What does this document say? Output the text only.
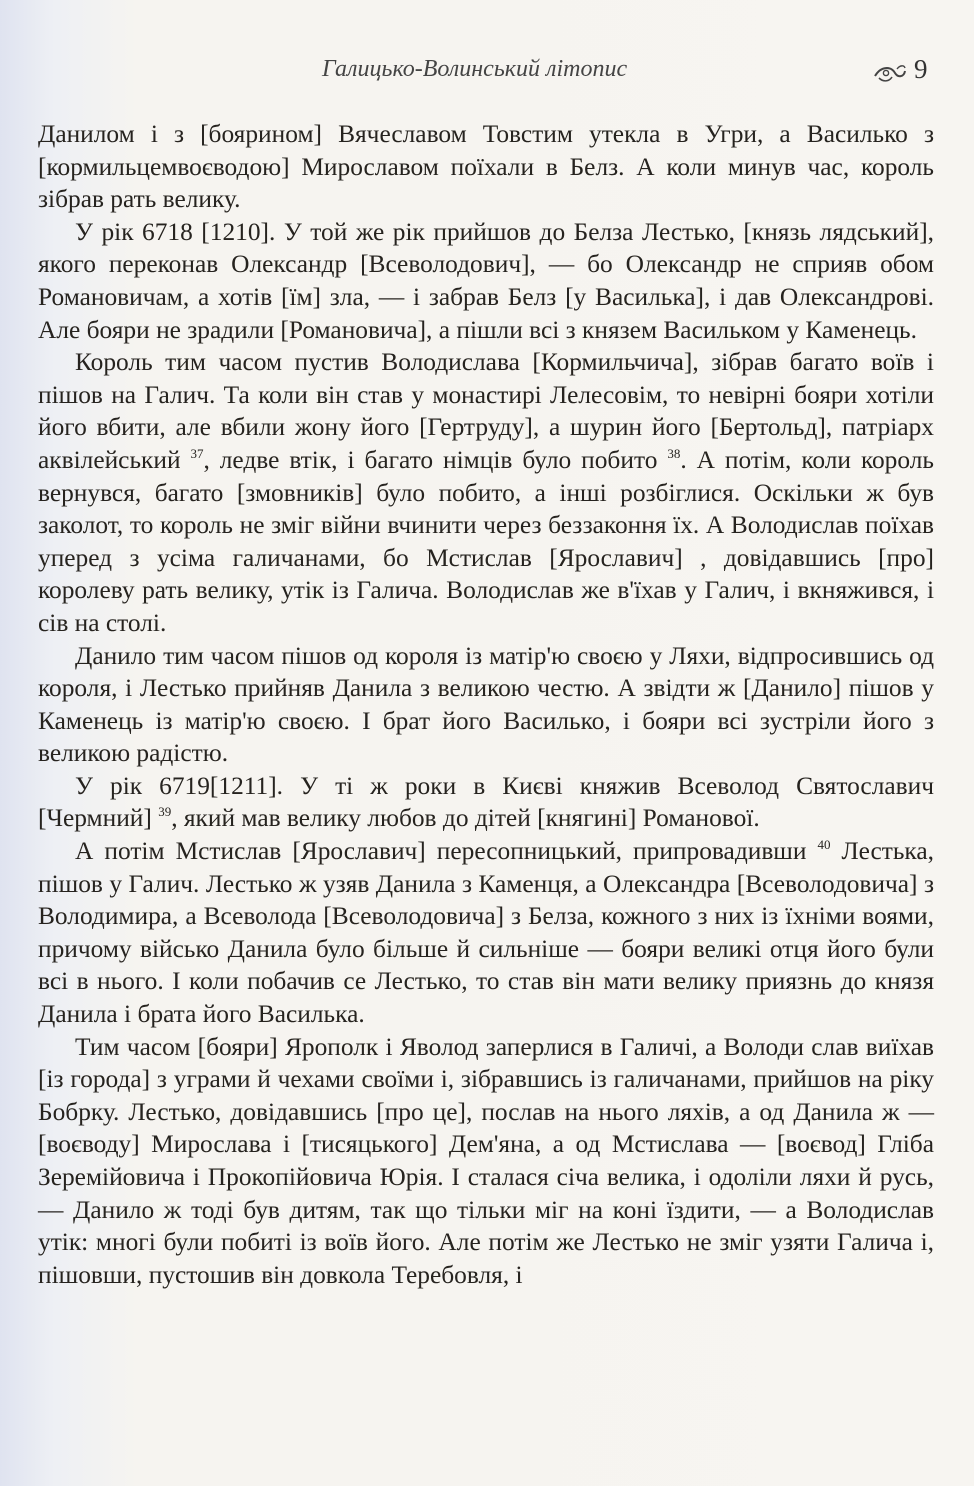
Галицько-Волинський літопис	9

Данилом і з [боярином] Вячеславом Товстим утекла в Угри, а Василько з [кормильцемвоєводою] Мирославом поїхали в Белз. А коли минув час, король зібрав рать велику.

У рік 6718 [1210]. У той же рік прийшов до Белза Лестько, [князь лядський], якого переконав Олександр [Всеволодович], — бо Олександр не сприяв обом Романовичам, а хотів [їм] зла, — і забрав Белз [у Василька], і дав Олександрові. Але бояри не зрадили [Романовича], а пішли всі з князем Васильком у Каменець.

Король тим часом пустив Володислава [Кормильчича], зібрав багато воїв і пішов на Галич. Та коли він став у монастирі Лелесовім, то невірні бояри хотіли його вбити, але вбили жону його [Гертруду], а шурин його [Бертольд], патріарх аквілейський $^{37}$, ледве втік, і багато німців було побито $^{38}$. А потім, коли король вернувся, багато [змовників] було побито, а інші розбіглися. Оскільки ж був заколот, то король не зміг війни вчинити через беззаконня їх. А Володислав поїхав уперед з усіма галичанами, бо Мстислав [Ярославич] , довідавшись [про] королеву рать велику, утік із Галича. Володислав же в'їхав у Галич, і вкняжився, і сів на столі.

Данило тим часом пішов од короля із матір'ю своєю у Ляхи, відпросившись од короля, і Лестько прийняв Данила з великою честю. А звідти ж [Данило] пішов у Каменець із матір'ю своєю. І брат його Василько, і бояри всі зустріли його з великою радістю.

У рік 6719[1211]. У ті ж роки в Києві княжив Всеволод Святославич [Чермний] $^{39}$, який мав велику любов до дітей [княгині] Романової.

А потім Мстислав [Ярославич] пересопницький, припровадивши $^{40}$ Лестька, пішов у Галич. Лестько ж узяв Данила з Каменця, а Олександра [Всеволодовича] з Володимира, а Всеволода [Всеволодовича] з Белза, кожного з них із їхніми воями, причому військо Данила було більше й сильніше — бояри великі отця його були всі в нього. І коли побачив се Лестько, то став він мати велику приязнь до князя Данила і брата його Василька.

Тим часом [бояри] Ярополк і Яволод заперлися в Галичі, а Володи слав виїхав [із города] з уграми й чехами своїми і, зібравшись із галичанами, прийшов на ріку Бобрку. Лестько, довідавшись [про це], послав на нього ляхів, а од Данила ж — [воєводу] Мирослава і [тисяцького] Дем'яна, а од Мстислава — [воєвод] Гліба Зеремійовича і Прокопійовича Юрія. І сталася січа велика, і одоліли ляхи й русь, — Данило ж тоді був дитям, так що тільки міг на коні їздити, — а Володислав утік: многі були побиті із воїв його. Але потім же Лестько не зміг узяти Галича і, пішовши, пустошив він довкола Теребовля, і
